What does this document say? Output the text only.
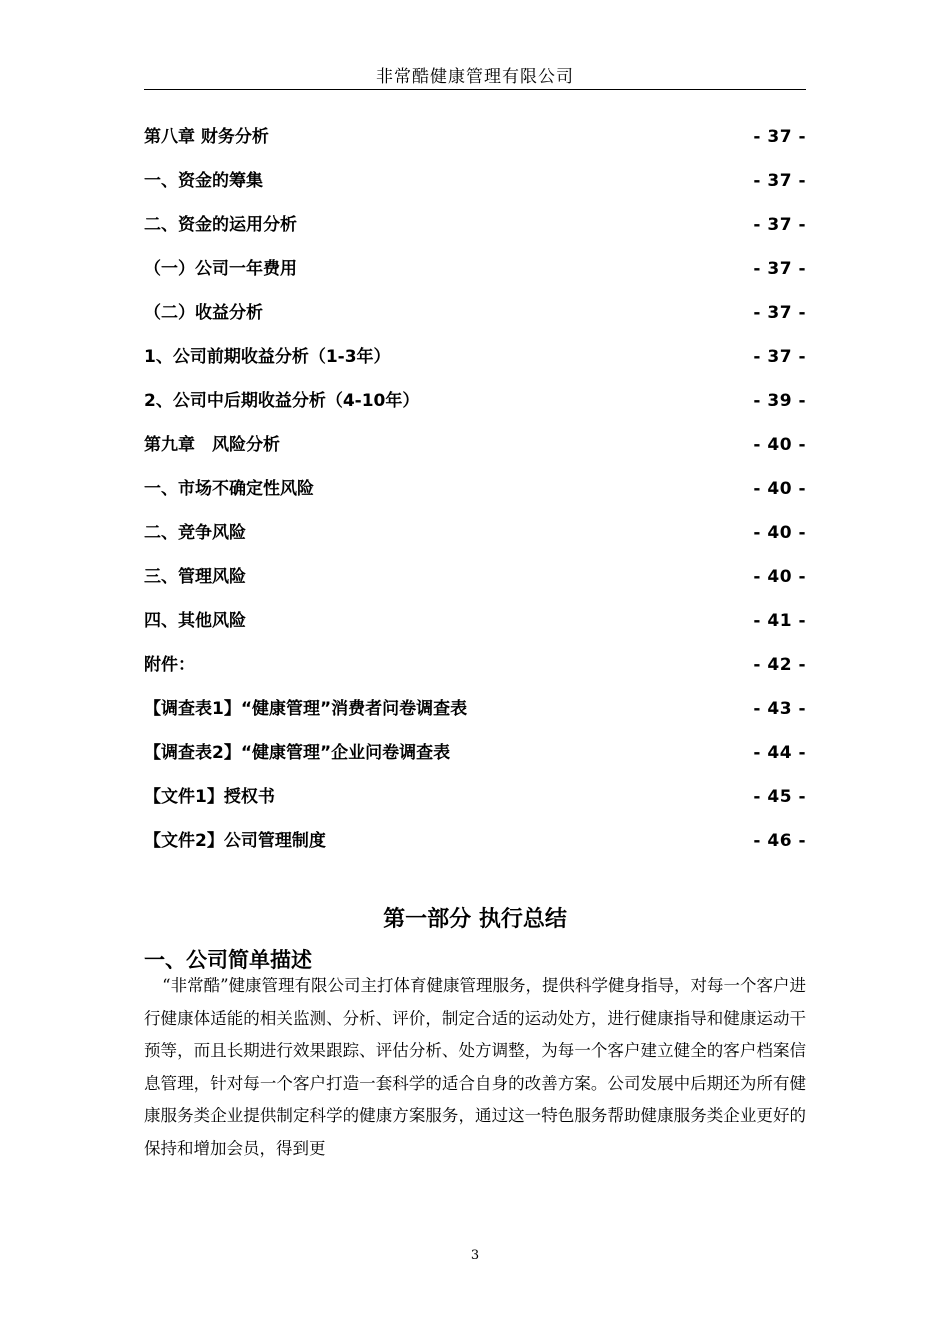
非常酷健康管理有限公司
第八章 财务分析	- 37 -
一、资金的筹集	- 37 -
二、资金的运用分析	- 37 -
（一）公司一年费用	- 37 -
（二）收益分析	- 37 -
1、公司前期收益分析（1-3年）	- 37 -
2、公司中后期收益分析（4-10年）	- 39 -
第九章　风险分析	- 40 -
一、市场不确定性风险	- 40 -
二、竞争风险	- 40 -
三、管理风险	- 40 -
四、其他风险	- 41 -
附件：	- 42 -
【调查表1】“健康管理”消费者问卷调查表	- 43 -
【调查表2】“健康管理”企业问卷调查表	- 44 -
【文件1】授权书	- 45 -
【文件2】公司管理制度	- 46 -
第一部分 执行总结
一、公司简单描述

“非常酷”健康管理有限公司主打体育健康管理服务，提供科学健身指导，对每一个客户进行健康体适能的相关监测、分析、评价，制定合适的运动处方，进行健康指导和健康运动干预等，而且长期进行效果跟踪、评估分析、处方调整，为每一个客户建立健全的客户档案信息管理，针对每一个客户打造一套科学的适合自身的改善方案。公司发展中后期还为所有健康服务类企业提供制定科学的健康方案服务，通过这一特色服务帮助健康服务类企业更好的保持和增加会员，得到更

3
